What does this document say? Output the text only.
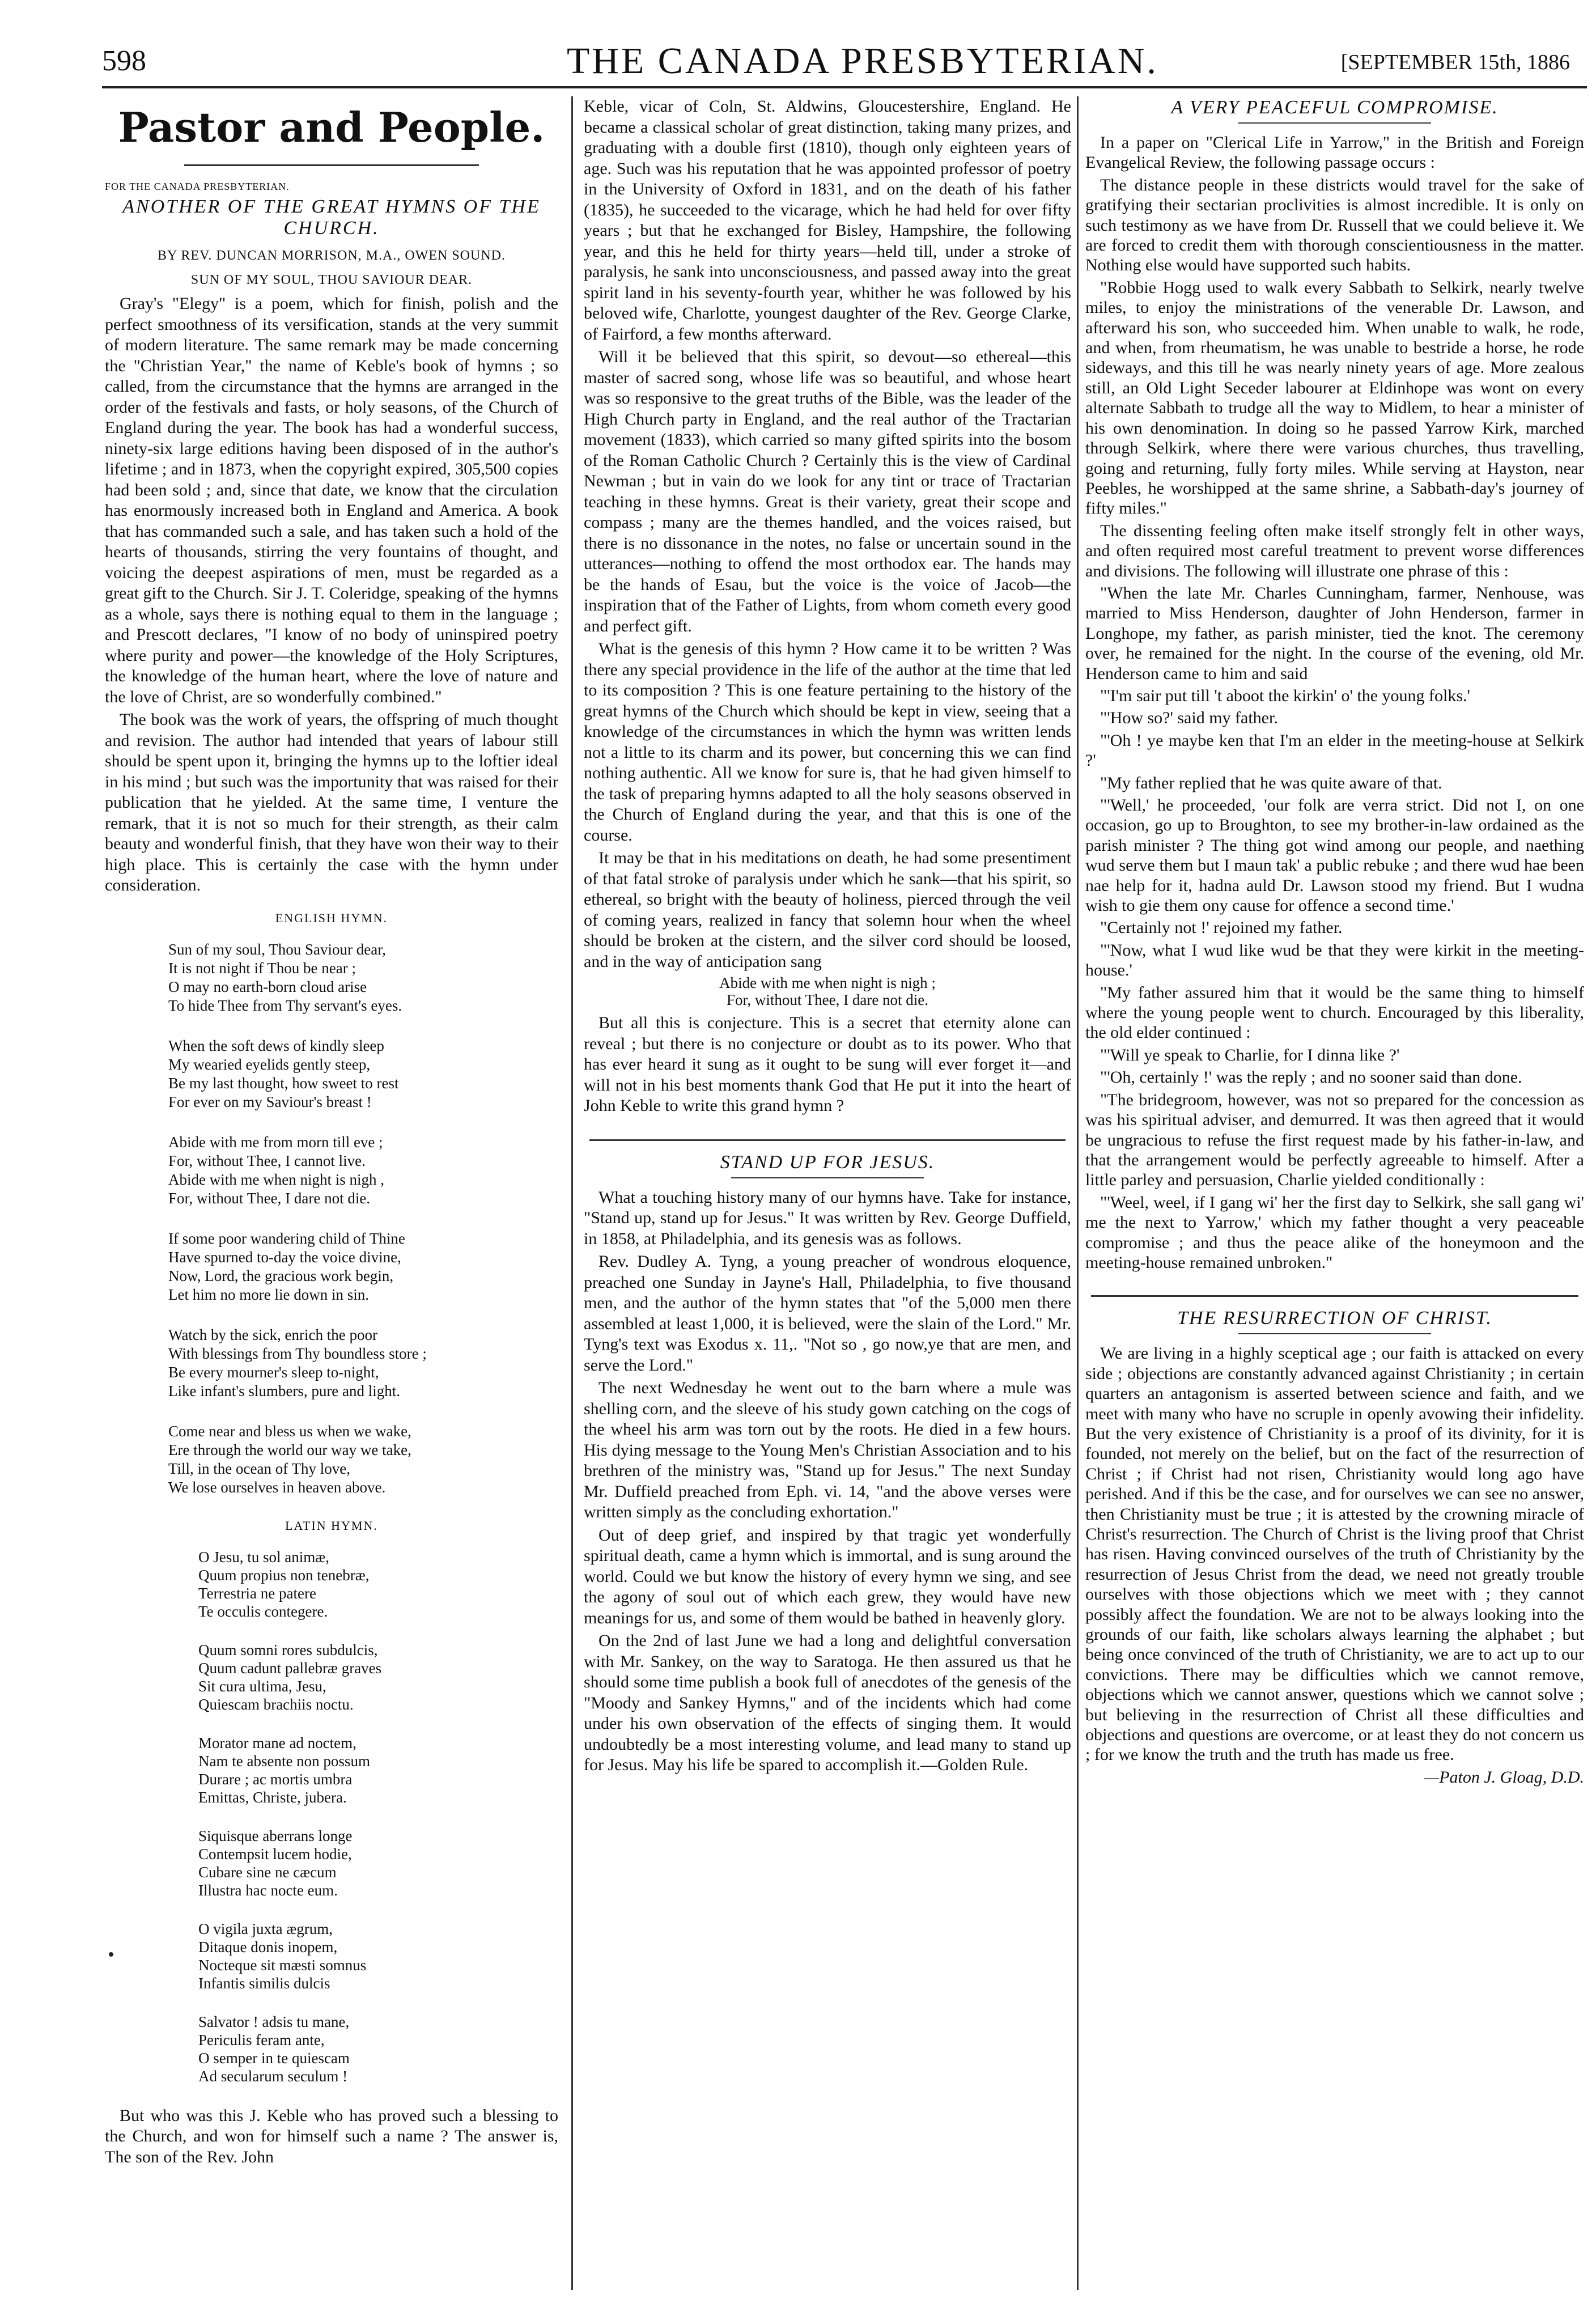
598	THE CANADA PRESBYTERIAN.	[SEPTEMBER 15th, 1886
Pastor and People.
FOR THE CANADA PRESBYTERIAN.
ANOTHER OF THE GREAT HYMNS OF THE CHURCH.
BY REV. DUNCAN MORRISON, M.A., OWEN SOUND.
SUN OF MY SOUL, THOU SAVIOUR DEAR.

Gray's "Elegy" is a poem, which for finish, polish and the perfect smoothness of its versification, stands at the very summit of modern literature. The same remark may be made concerning the "Christian Year," the name of Keble's book of hymns ; so called, from the circumstance that the hymns are arranged in the order of the festivals and fasts, or holy seasons, of the Church of England during the year. The book has had a wonderful success, ninety-six large editions having been disposed of in the author's lifetime ; and in 1873, when the copyright expired, 305,500 copies had been sold ; and, since that date, we know that the circulation has enormously increased both in England and America. A book that has commanded such a sale, and has taken such a hold of the hearts of thousands, stirring the very fountains of thought, and voicing the deepest aspirations of men, must be regarded as a great gift to the Church. Sir J. T. Coleridge, speaking of the hymns as a whole, says there is nothing equal to them in the language ; and Prescott declares, "I know of no body of uninspired poetry where purity and power—the knowledge of the Holy Scriptures, the knowledge of the human heart, where the love of nature and the love of Christ, are so wonderfully combined."

The book was the work of years, the offspring of much thought and revision. The author had intended that years of labour still should be spent upon it, bringing the hymns up to the loftier ideal in his mind ; but such was the importunity that was raised for their publication that he yielded. At the same time, I venture the remark, that it is not so much for their strength, as their calm beauty and wonderful finish, that they have won their way to their high place. This is certainly the case with the hymn under consideration.

ENGLISH HYMN.
Sun of my soul, Thou Saviour dear,
It is not night if Thou be near ;
O may no earth-born cloud arise
To hide Thee from Thy servant's eyes.
When the soft dews of kindly sleep
My wearied eyelids gently steep,
Be my last thought, how sweet to rest
For ever on my Saviour's breast !
Abide with me from morn till eve ;
For, without Thee, I cannot live.
Abide with me when night is nigh ,
For, without Thee, I dare not die.
If some poor wandering child of Thine
Have spurned to-day the voice divine,
Now, Lord, the gracious work begin,
Let him no more lie down in sin.
Watch by the sick, enrich the poor
With blessings from Thy boundless store ;
Be every mourner's sleep to-night,
Like infant's slumbers, pure and light.
Come near and bless us when we wake,
Ere through the world our way we take,
Till, in the ocean of Thy love,
We lose ourselves in heaven above.
LATIN HYMN.
O Jesu, tu sol animæ,
Quum propius non tenebræ,
Terrestria ne patere
Te occulis contegere.
Quum somni rores subdulcis,
Quum cadunt pallebræ graves
Sit cura ultima, Jesu,
Quiescam brachiis noctu.
Morator mane ad noctem,
Nam te absente non possum
Durare ; ac mortis umbra
Emittas, Christe, jubera.
Siquisque aberrans longe
Contempsit lucem hodie,
Cubare sine ne cæcum
Illustra hac nocte eum.
O vigila juxta ægrum,
Ditaque donis inopem,
Nocteque sit mæsti somnus
Infantis similis dulcis
Salvator ! adsis tu mane,
Periculis feram ante,
O semper in te quiescam
Ad secularum seculum !

But who was this J. Keble who has proved such a blessing to the Church, and won for himself such a name ? The answer is, The son of the Rev. John

Keble, vicar of Coln, St. Aldwins, Gloucestershire, England. He became a classical scholar of great distinction, taking many prizes, and graduating with a double first (1810), though only eighteen years of age. Such was his reputation that he was appointed professor of poetry in the University of Oxford in 1831, and on the death of his father (1835), he succeeded to the vicarage, which he had held for over fifty years ; but that he exchanged for Bisley, Hampshire, the following year, and this he held for thirty years—held till, under a stroke of paralysis, he sank into unconsciousness, and passed away into the great spirit land in his seventy-fourth year, whither he was followed by his beloved wife, Charlotte, youngest daughter of the Rev. George Clarke, of Fairford, a few months afterward.

Will it be believed that this spirit, so devout—so ethereal—this master of sacred song, whose life was so beautiful, and whose heart was so responsive to the great truths of the Bible, was the leader of the High Church party in England, and the real author of the Tractarian movement (1833), which carried so many gifted spirits into the bosom of the Roman Catholic Church ? Certainly this is the view of Cardinal Newman ; but in vain do we look for any tint or trace of Tractarian teaching in these hymns. Great is their variety, great their scope and compass ; many are the themes handled, and the voices raised, but there is no dissonance in the notes, no false or uncertain sound in the utterances—nothing to offend the most orthodox ear. The hands may be the hands of Esau, but the voice is the voice of Jacob—the inspiration that of the Father of Lights, from whom cometh every good and perfect gift.

What is the genesis of this hymn ? How came it to be written ? Was there any special providence in the life of the author at the time that led to its composition ? This is one feature pertaining to the history of the great hymns of the Church which should be kept in view, seeing that a knowledge of the circumstances in which the hymn was written lends not a little to its charm and its power, but concerning this we can find nothing authentic. All we know for sure is, that he had given himself to the task of preparing hymns adapted to all the holy seasons observed in the Church of England during the year, and that this is one of the course.

It may be that in his meditations on death, he had some presentiment of that fatal stroke of paralysis under which he sank—that his spirit, so ethereal, so bright with the beauty of holiness, pierced through the veil of coming years, realized in fancy that solemn hour when the wheel should be broken at the cistern, and the silver cord should be loosed, and in the way of anticipation sang

Abide with me when night is nigh ;
For, without Thee, I dare not die.

But all this is conjecture. This is a secret that eternity alone can reveal ; but there is no conjecture or doubt as to its power. Who that has ever heard it sung as it ought to be sung will ever forget it—and will not in his best moments thank God that He put it into the heart of John Keble to write this grand hymn ?

STAND UP FOR JESUS.

What a touching history many of our hymns have. Take for instance, "Stand up, stand up for Jesus." It was written by Rev. George Duffield, in 1858, at Philadelphia, and its genesis was as follows.

Rev. Dudley A. Tyng, a young preacher of wondrous eloquence, preached one Sunday in Jayne's Hall, Philadelphia, to five thousand men, and the author of the hymn states that "of the 5,000 men there assembled at least 1,000, it is believed, were the slain of the Lord." Mr. Tyng's text was Exodus x. 11,. "Not so , go now,ye that are men, and serve the Lord."

The next Wednesday he went out to the barn where a mule was shelling corn, and the sleeve of his study gown catching on the cogs of the wheel his arm was torn out by the roots. He died in a few hours. His dying message to the Young Men's Christian Association and to his brethren of the ministry was, "Stand up for Jesus." The next Sunday Mr. Duffield preached from Eph. vi. 14, "and the above verses were written simply as the concluding exhortation."

Out of deep grief, and inspired by that tragic yet wonderfully spiritual death, came a hymn which is immortal, and is sung around the world. Could we but know the history of every hymn we sing, and see the agony of soul out of which each grew, they would have new meanings for us, and some of them would be bathed in heavenly glory.

On the 2nd of last June we had a long and delightful conversation with Mr. Sankey, on the way to Saratoga. He then assured us that he should some time publish a book full of anecdotes of the genesis of the "Moody and Sankey Hymns," and of the incidents which had come under his own observation of the effects of singing them. It would undoubtedly be a most interesting volume, and lead many to stand up for Jesus. May his life be spared to accomplish it.—Golden Rule.

A VERY PEACEFUL COMPROMISE.

In a paper on "Clerical Life in Yarrow," in the British and Foreign Evangelical Review, the following passage occurs :

The distance people in these districts would travel for the sake of gratifying their sectarian proclivities is almost incredible. It is only on such testimony as we have from Dr. Russell that we could believe it. We are forced to credit them with thorough conscientiousness in the matter. Nothing else would have supported such habits.

"Robbie Hogg used to walk every Sabbath to Selkirk, nearly twelve miles, to enjoy the ministrations of the venerable Dr. Lawson, and afterward his son, who succeeded him. When unable to walk, he rode, and when, from rheumatism, he was unable to bestride a horse, he rode sideways, and this till he was nearly ninety years of age. More zealous still, an Old Light Seceder labourer at Eldinhope was wont on every alternate Sabbath to trudge all the way to Midlem, to hear a minister of his own denomination. In doing so he passed Yarrow Kirk, marched through Selkirk, where there were various churches, thus travelling, going and returning, fully forty miles. While serving at Hayston, near Peebles, he worshipped at the same shrine, a Sabbath-day's journey of fifty miles."

The dissenting feeling often make itself strongly felt in other ways, and often required most careful treatment to prevent worse differences and divisions. The following will illustrate one phrase of this :

"When the late Mr. Charles Cunningham, farmer, Nenhouse, was married to Miss Henderson, daughter of John Henderson, farmer in Longhope, my father, as parish minister, tied the knot. The ceremony over, he remained for the night. In the course of the evening, old Mr. Henderson came to him and said

"'I'm sair put till 't aboot the kirkin' o' the young folks.'

"'How so?' said my father.

"'Oh ! ye maybe ken that I'm an elder in the meeting-house at Selkirk ?'

"My father replied that he was quite aware of that.

"'Well,' he proceeded, 'our folk are verra strict. Did not I, on one occasion, go up to Broughton, to see my brother-in-law ordained as the parish minister ? The thing got wind among our people, and naething wud serve them but I maun tak' a public rebuke ; and there wud hae been nae help for it, hadna auld Dr. Lawson stood my friend. But I wudna wish to gie them ony cause for offence a second time.'

"Certainly not !' rejoined my father.

"'Now, what I wud like wud be that they were kirkit in the meeting-house.'

"My father assured him that it would be the same thing to himself where the young people went to church. Encouraged by this liberality, the old elder continued :

"'Will ye speak to Charlie, for I dinna like ?'

"'Oh, certainly !' was the reply ; and no sooner said than done.

"The bridegroom, however, was not so prepared for the concession as was his spiritual adviser, and demurred. It was then agreed that it would be ungracious to refuse the first request made by his father-in-law, and that the arrangement would be perfectly agreeable to himself. After a little parley and persuasion, Charlie yielded conditionally :

"'Weel, weel, if I gang wi' her the first day to Selkirk, she sall gang wi' me the next to Yarrow,' which my father thought a very peaceable compromise ; and thus the peace alike of the honeymoon and the meeting-house remained unbroken."

THE RESURRECTION OF CHRIST.

We are living in a highly sceptical age ; our faith is attacked on every side ; objections are constantly advanced against Christianity ; in certain quarters an antagonism is asserted between science and faith, and we meet with many who have no scruple in openly avowing their infidelity. But the very existence of Christianity is a proof of its divinity, for it is founded, not merely on the belief, but on the fact of the resurrection of Christ ; if Christ had not risen, Christianity would long ago have perished. And if this be the case, and for ourselves we can see no answer, then Christianity must be true ; it is attested by the crowning miracle of Christ's resurrection. The Church of Christ is the living proof that Christ has risen. Having convinced ourselves of the truth of Christianity by the resurrection of Jesus Christ from the dead, we need not greatly trouble ourselves with those objections which we meet with ; they cannot possibly affect the foundation. We are not to be always looking into the grounds of our faith, like scholars always learning the alphabet ; but being once convinced of the truth of Christianity, we are to act up to our convictions. There may be difficulties which we cannot remove, objections which we cannot answer, questions which we cannot solve ; but believing in the resurrection of Christ all these difficulties and objections and questions are overcome, or at least they do not concern us ; for we know the truth and the truth has made us free.

—Paton J. Gloag, D.D.
